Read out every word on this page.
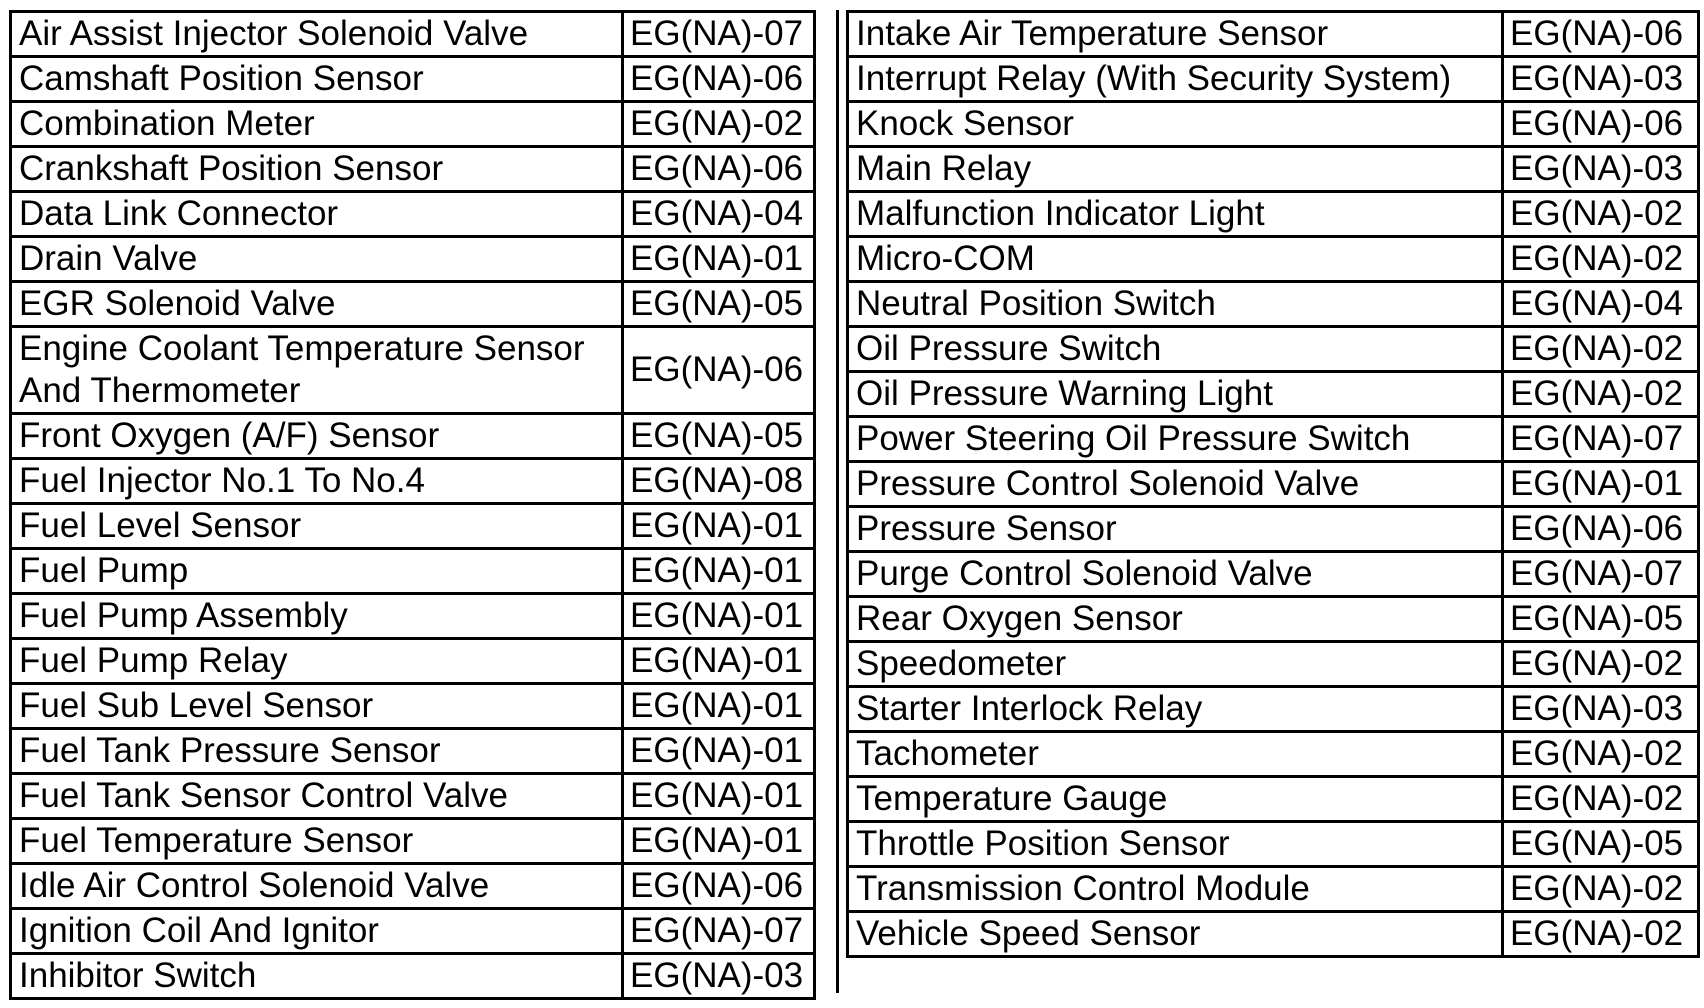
Air Assist Injector Solenoid Valve	EG(NA)-07
Camshaft Position Sensor	EG(NA)-06
Combination Meter	EG(NA)-02
Crankshaft Position Sensor	EG(NA)-06
Data Link Connector	EG(NA)-04
Drain Valve	EG(NA)-01
EGR Solenoid Valve	EG(NA)-05
Engine Coolant Temperature Sensor And Thermometer	EG(NA)-06
Front Oxygen (A/F) Sensor	EG(NA)-05
Fuel Injector No.1 To No.4	EG(NA)-08
Fuel Level Sensor	EG(NA)-01
Fuel Pump	EG(NA)-01
Fuel Pump Assembly	EG(NA)-01
Fuel Pump Relay	EG(NA)-01
Fuel Sub Level Sensor	EG(NA)-01
Fuel Tank Pressure Sensor	EG(NA)-01
Fuel Tank Sensor Control Valve	EG(NA)-01
Fuel Temperature Sensor	EG(NA)-01
Idle Air Control Solenoid Valve	EG(NA)-06
Ignition Coil And Ignitor	EG(NA)-07
Inhibitor Switch	EG(NA)-03
Intake Air Temperature Sensor	EG(NA)-06
Interrupt Relay (With Security System)	EG(NA)-03
Knock Sensor	EG(NA)-06
Main Relay	EG(NA)-03
Malfunction Indicator Light	EG(NA)-02
Micro-COM	EG(NA)-02
Neutral Position Switch	EG(NA)-04
Oil Pressure Switch	EG(NA)-02
Oil Pressure Warning Light	EG(NA)-02
Power Steering Oil Pressure Switch	EG(NA)-07
Pressure Control Solenoid Valve	EG(NA)-01
Pressure Sensor	EG(NA)-06
Purge Control Solenoid Valve	EG(NA)-07
Rear Oxygen Sensor	EG(NA)-05
Speedometer	EG(NA)-02
Starter Interlock Relay	EG(NA)-03
Tachometer	EG(NA)-02
Temperature Gauge	EG(NA)-02
Throttle Position Sensor	EG(NA)-05
Transmission Control Module	EG(NA)-02
Vehicle Speed Sensor	EG(NA)-02
